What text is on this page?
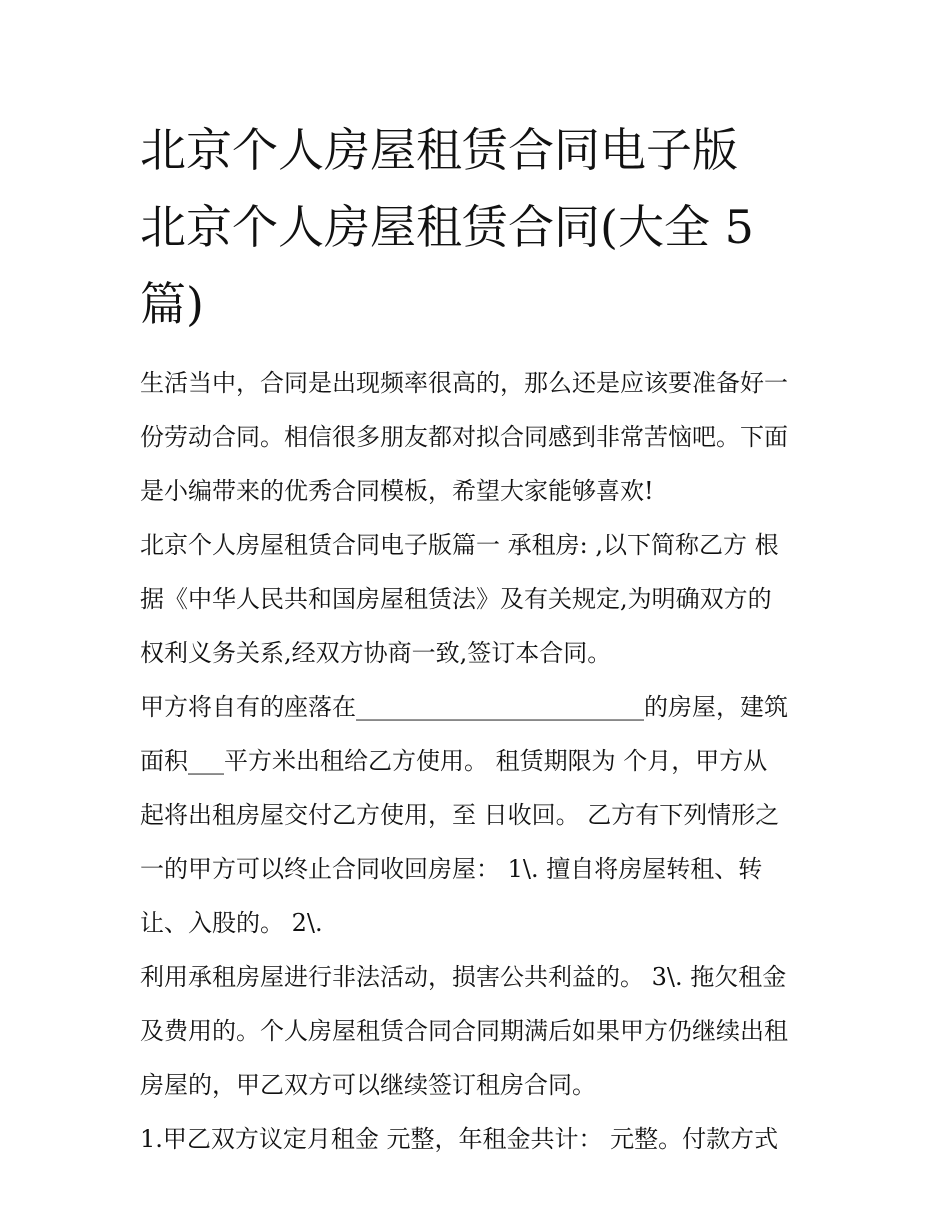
北京个人房屋租赁合同电子版
北京个人房屋租赁合同(大全 5
篇)
生活当中，合同是出现频率很高的，那么还是应该要准备好一
份劳动合同。相信很多朋友都对拟合同感到非常苦恼吧。下面
是小编带来的优秀合同模板，希望大家能够喜欢!
北京个人房屋租赁合同电子版篇一 承租房: ,以下简称乙方 根
据《中华人民共和国房屋租赁法》及有关规定,为明确双方的
权利义务关系,经双方协商一致,签订本合同。
甲方将自有的座落在________________________的房屋，建筑
面积___平方米出租给乙方使用。 租赁期限为 个月，甲方从
起将出租房屋交付乙方使用，至 日收回。 乙方有下列情形之
一的甲方可以终止合同收回房屋： 1\. 擅自将房屋转租、转
让、入股的。 2\.
利用承租房屋进行非法活动，损害公共利益的。 3\. 拖欠租金
及费用的。个人房屋租赁合同合同期满后如果甲方仍继续出租
房屋的，甲乙双方可以继续签订租房合同。
1.甲乙双方议定月租金 元整，年租金共计： 元整。付款方式
